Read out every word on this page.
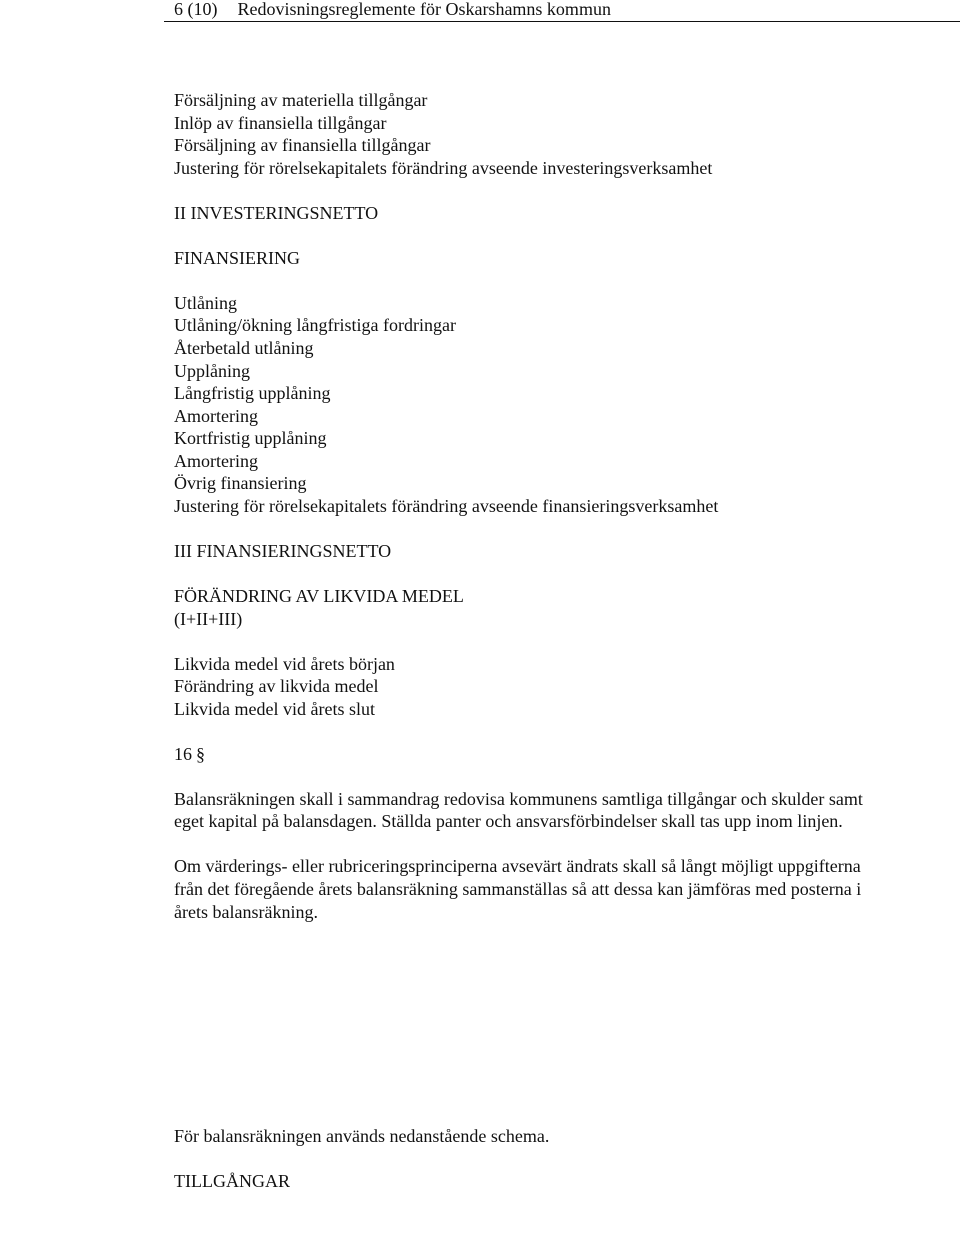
6 (10) Redovisningsreglemente för Oskarshamns kommun
Försäljning av materiella tillgångar
Inlöp av finansiella tillgångar
Försäljning av finansiella tillgångar
Justering för rörelsekapitalets förändring avseende investeringsverksamhet
II INVESTERINGSNETTO
FINANSIERING
Utlåning
Utlåning/ökning långfristiga fordringar
Återbetald utlåning
Upplåning
Långfristig upplåning
Amortering
Kortfristig upplåning
Amortering
Övrig finansiering
Justering för rörelsekapitalets förändring avseende finansieringsverksamhet
III FINANSIERINGSNETTO
FÖRÄNDRING AV LIKVIDA MEDEL
(I+II+III)
Likvida medel vid årets början
Förändring av likvida medel
Likvida medel vid årets slut
16 §
Balansräkningen skall i sammandrag redovisa kommunens samtliga tillgångar och skulder samt eget kapital på balansdagen. Ställda panter och ansvarsförbindelser skall tas upp inom linjen.
Om värderings- eller rubriceringsprinciperna avsevärt ändrats skall så långt möjligt uppgifterna från det föregående årets balansräkning sammanställas så att dessa kan jämföras med posterna i årets balansräkning.
För balansräkningen används nedanstående schema.
TILLGÅNGAR
